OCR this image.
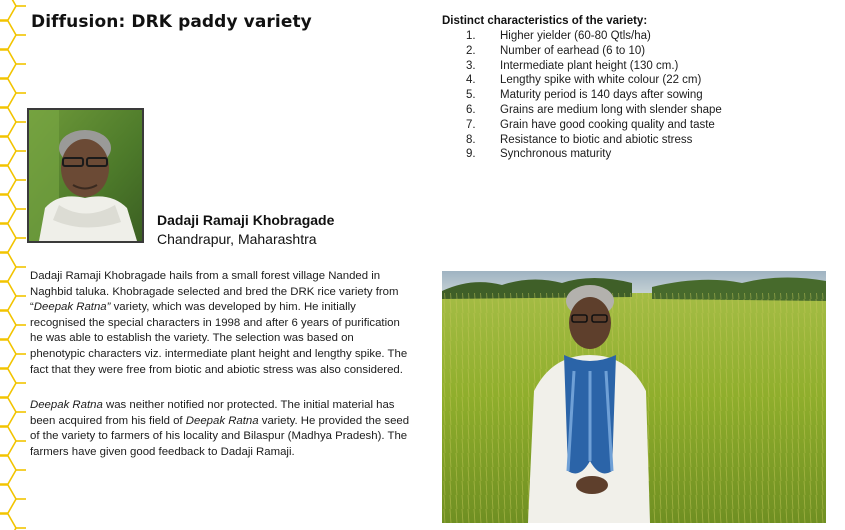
Diffusion: DRK paddy variety
Dadaji Ramaji Khobragade
Chandrapur, Maharashtra

Dadaji Ramaji Khobragade hails from a small forest village Nanded in Naghbid taluka. Khobragade selected and bred the DRK rice variety from “Deepak Ratna” variety, which was developed by him. He initially recognised the special characters in 1998 and after 6 years of purification he was able to establish the variety. The selection was based on phenotypic characters viz. intermediate plant height and lengthy spike. The fact that they were free from biotic and abiotic stress was also considered.

Deepak Ratna was neither notified nor protected. The initial material has been acquired from his field of Deepak Ratna variety. He provided the seed of the variety to farmers of his locality and Bilaspur (Madhya Pradesh). The farmers have given good feedback to Dadaji Ramaji.

Distinct characteristics of the variety:
1.	Higher yielder (60-80 Qtls/ha)
2.	Number of earhead (6 to 10)
3.	Intermediate plant height (130 cm.)
4.	Lengthy spike with white colour (22 cm)
5.	Maturity period is 140 days after sowing
6.	Grains are medium long with slender shape
7.	Grain have good cooking quality and taste
8.	Resistance to biotic and abiotic stress
9.	Synchronous maturity
